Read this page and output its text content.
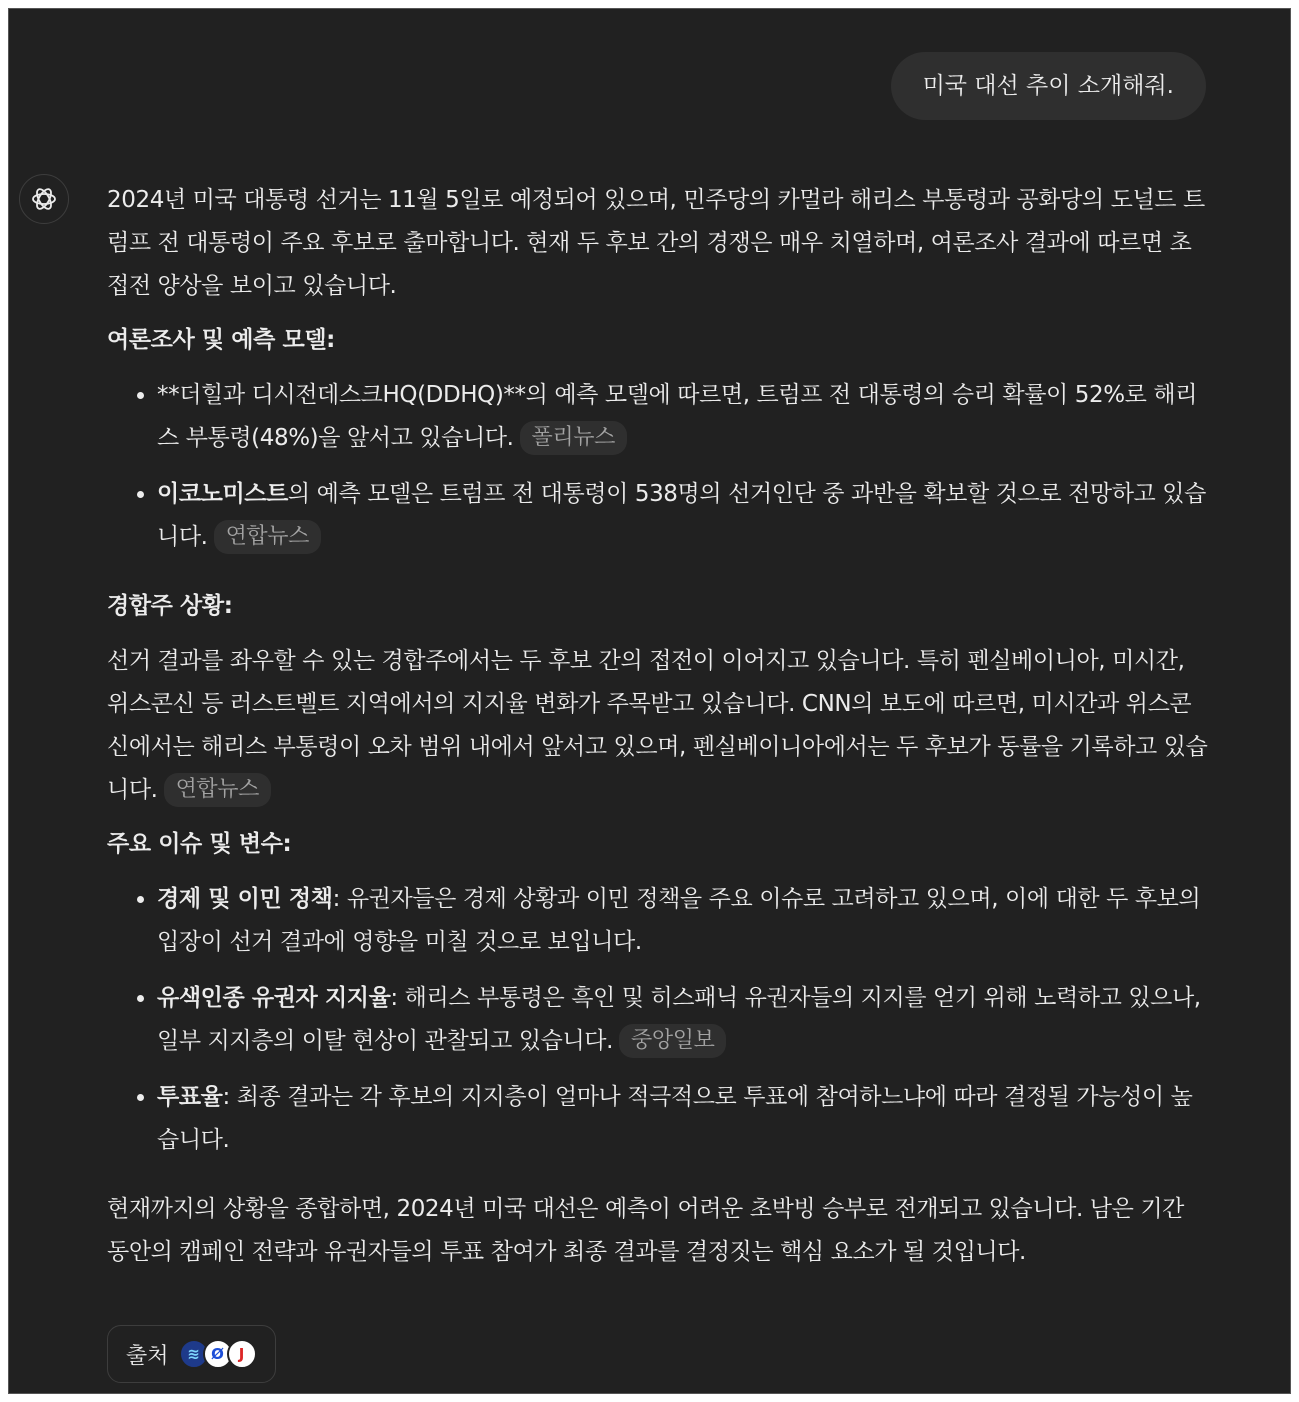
미국 대선 추이 소개해줘.

2024년 미국 대통령 선거는 11월 5일로 예정되어 있으며, 민주당의 카멀라 해리스 부통령과 공화당의 도널드 트럼프 전 대통령이 주요 후보로 출마합니다. 현재 두 후보 간의 경쟁은 매우 치열하며, 여론조사 결과에 따르면 초접전 양상을 보이고 있습니다.

여론조사 및 예측 모델:

• **더힐과 디시전데스크HQ(DDHQ)**의 예측 모델에 따르면, 트럼프 전 대통령의 승리 확률이 52%로 해리스 부통령(48%)을 앞서고 있습니다. 폴리뉴스
• 이코노미스트의 예측 모델은 트럼프 전 대통령이 538명의 선거인단 중 과반을 확보할 것으로 전망하고 있습니다. 연합뉴스

경합주 상황:

선거 결과를 좌우할 수 있는 경합주에서는 두 후보 간의 접전이 이어지고 있습니다. 특히 펜실베이니아, 미시간, 위스콘신 등 러스트벨트 지역에서의 지지율 변화가 주목받고 있습니다. CNN의 보도에 따르면, 미시간과 위스콘신에서는 해리스 부통령이 오차 범위 내에서 앞서고 있으며, 펜실베이니아에서는 두 후보가 동률을 기록하고 있습니다. 연합뉴스

주요 이슈 및 변수:

• 경제 및 이민 정책: 유권자들은 경제 상황과 이민 정책을 주요 이슈로 고려하고 있으며, 이에 대한 두 후보의 입장이 선거 결과에 영향을 미칠 것으로 보입니다.
• 유색인종 유권자 지지율: 해리스 부통령은 흑인 및 히스패닉 유권자들의 지지를 얻기 위해 노력하고 있으나, 일부 지지층의 이탈 현상이 관찰되고 있습니다. 중앙일보
• 투표율: 최종 결과는 각 후보의 지지층이 얼마나 적극적으로 투표에 참여하느냐에 따라 결정될 가능성이 높습니다.

현재까지의 상황을 종합하면, 2024년 미국 대선은 예측이 어려운 초박빙 승부로 전개되고 있습니다. 남은 기간 동안의 캠페인 전략과 유권자들의 투표 참여가 최종 결과를 결정짓는 핵심 요소가 될 것입니다.

출처	≋ Ø J
